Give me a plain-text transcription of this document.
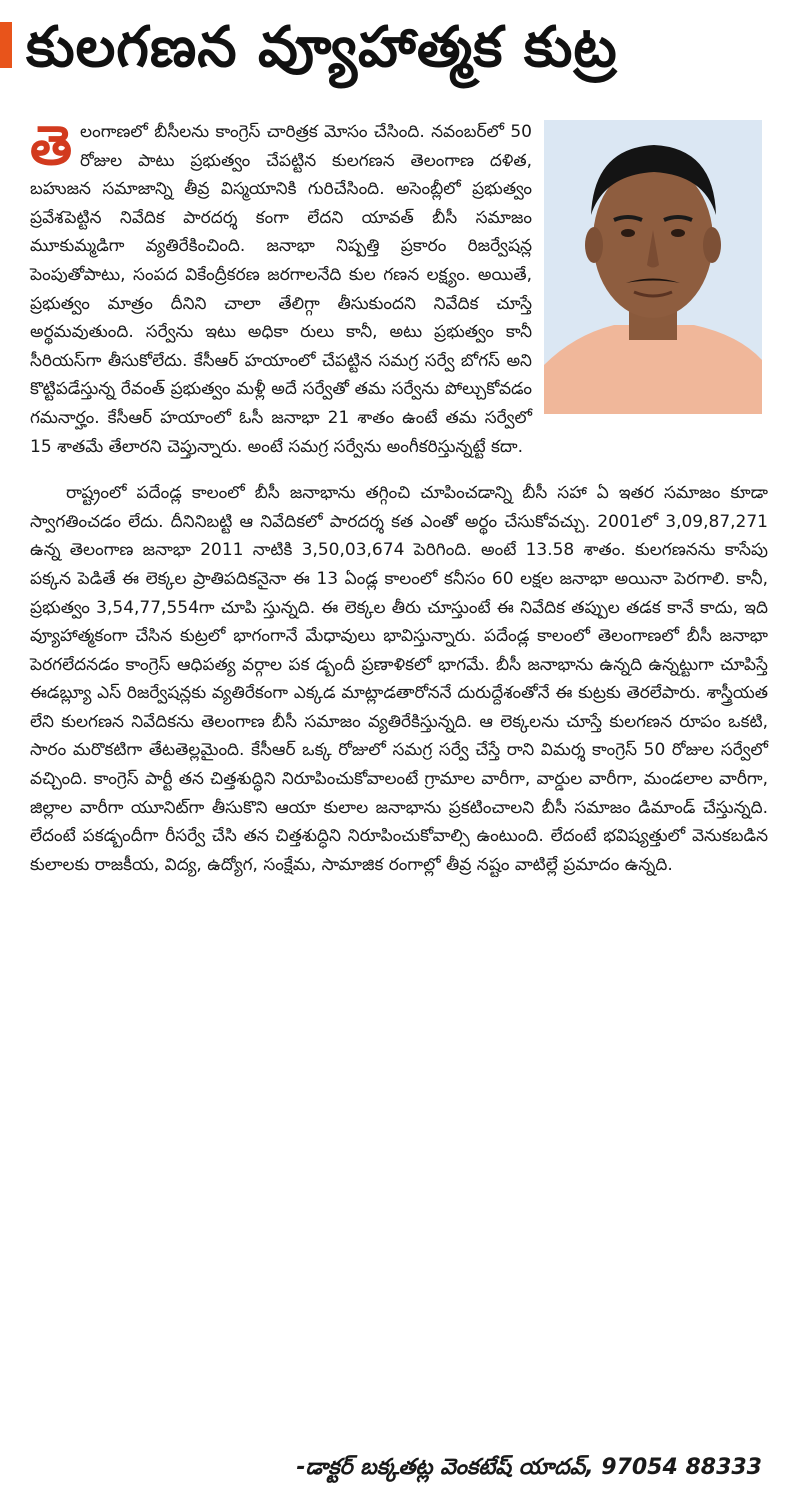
కులగణన వ్యూహాత్మక కుట్ర

తె లంగాణలో బీసీలను కాంగ్రెస్ చారిత్రక మోసం చేసింది. నవంబర్‌లో 50 రోజుల పాటు ప్రభుత్వం చేపట్టిన కులగణన తెలంగాణ దళిత, బహుజన సమాజాన్ని తీవ్ర విస్మయానికి గురిచేసింది. అసెంబ్లీలో ప్రభుత్వం ప్రవేశపెట్టిన నివేదిక పారదర్శ కంగా లేదని యావత్ బీసీ సమాజం మూకుమ్మడిగా వ్యతిరేకించింది. జనాభా నిష్పత్తి ప్రకారం రిజర్వేషన్ల పెంపుతోపాటు, సంపద వికేంద్రీకరణ జరగాలనేది కుల గణన లక్ష్యం. అయితే, ప్రభుత్వం మాత్రం దీనిని చాలా తేలిగ్గా తీసుకుందని నివేదిక చూస్తే అర్థమవుతుంది. సర్వేను ఇటు అధికా రులు కానీ, అటు ప్రభుత్వం కానీ సీరియస్‌గా తీసుకోలేదు. కేసీఆర్ హయాంలో చేపట్టిన సమగ్ర సర్వే బోగస్ అని కొట్టిపడేస్తున్న రేవంత్ ప్రభుత్వం మళ్లీ అదే సర్వేతో తమ సర్వేను పోల్చుకోవడం గమనార్హం. కేసీఆర్ హయాంలో ఓసీ జనాభా 21 శాతం ఉంటే తమ సర్వేలో 15 శాతమే తేలారని చెప్తున్నారు. అంటే సమగ్ర సర్వేను అంగీకరిస్తున్నట్టే కదా.

రాష్ట్రంలో పదేండ్ల కాలంలో బీసీ జనాభాను తగ్గించి చూపించడాన్ని బీసీ సహా ఏ ఇతర సమాజం కూడా స్వాగతించడం లేదు. దీనినిబట్టి ఆ నివేదికలో పారదర్శ కత ఎంతో అర్థం చేసుకోవచ్చు. 2001లో 3,09,87,271 ఉన్న తెలంగాణ జనాభా 2011 నాటికి 3,50,03,674 పెరిగింది. అంటే 13.58 శాతం. కులగణనను కాసేపు పక్కన పెడితే ఈ లెక్కల ప్రాతిపదికనైనా ఈ 13 ఏండ్ల కాలంలో కనీసం 60 లక్షల జనాభా అయినా పెరగాలి. కానీ, ప్రభుత్వం 3,54,77,554గా చూపి స్తున్నది. ఈ లెక్కల తీరు చూస్తుంటే ఈ నివేదిక తప్పుల తడక కానే కాదు, ఇది వ్యూహాత్మకంగా చేసిన కుట్రలో భాగంగానే మేధావులు భావిస్తున్నారు. పదేండ్ల కాలంలో తెలంగాణలో బీసీ జనాభా పెరగలేదనడం కాంగ్రెస్ ఆధిపత్య వర్గాల పక డ్బందీ ప్రణాళికలో భాగమే. బీసీ జనాభాను ఉన్నది ఉన్నట్టుగా చూపిస్తే ఈడబ్ల్యూ ఎస్ రిజర్వేషన్లకు వ్యతిరేకంగా ఎక్కడ మాట్లాడతారోననే దురుద్దేశంతోనే ఈ కుట్రకు తెరలేపారు. శాస్త్రీయత లేని కులగణన నివేదికను తెలంగాణ బీసీ సమాజం వ్యతిరేకిస్తున్నది. ఆ లెక్కలను చూస్తే కులగణన రూపం ఒకటి, సారం మరొకటిగా తేటతెల్లమైంది. కేసీఆర్ ఒక్క రోజులో సమగ్ర సర్వే చేస్తే రాని విమర్శ కాంగ్రెస్ 50 రోజుల సర్వేలో వచ్చింది. కాంగ్రెస్ పార్టీ తన చిత్తశుద్ధిని నిరూపించుకోవాలంటే గ్రామాల వారీగా, వార్డుల వారీగా, మండలాల వారీగా, జిల్లాల వారీగా యూనిట్‌గా తీసుకొని ఆయా కులాల జనాభాను ప్రకటించాలని బీసీ సమాజం డిమాండ్ చేస్తున్నది. లేదంటే పకడ్బందీగా రీసర్వే చేసి తన చిత్తశుద్ధిని నిరూపించుకోవాల్సి ఉంటుంది. లేదంటే భవిష్యత్తులో వెనుకబడిన కులాలకు రాజకీయ, విద్య, ఉద్యోగ, సంక్షేమ, సామాజిక రంగాల్లో తీవ్ర నష్టం వాటిల్లే ప్రమాదం ఉన్నది.

-డాక్టర్ బక్కతట్ల వెంకటేష్ యాదవ్, 97054 88333
